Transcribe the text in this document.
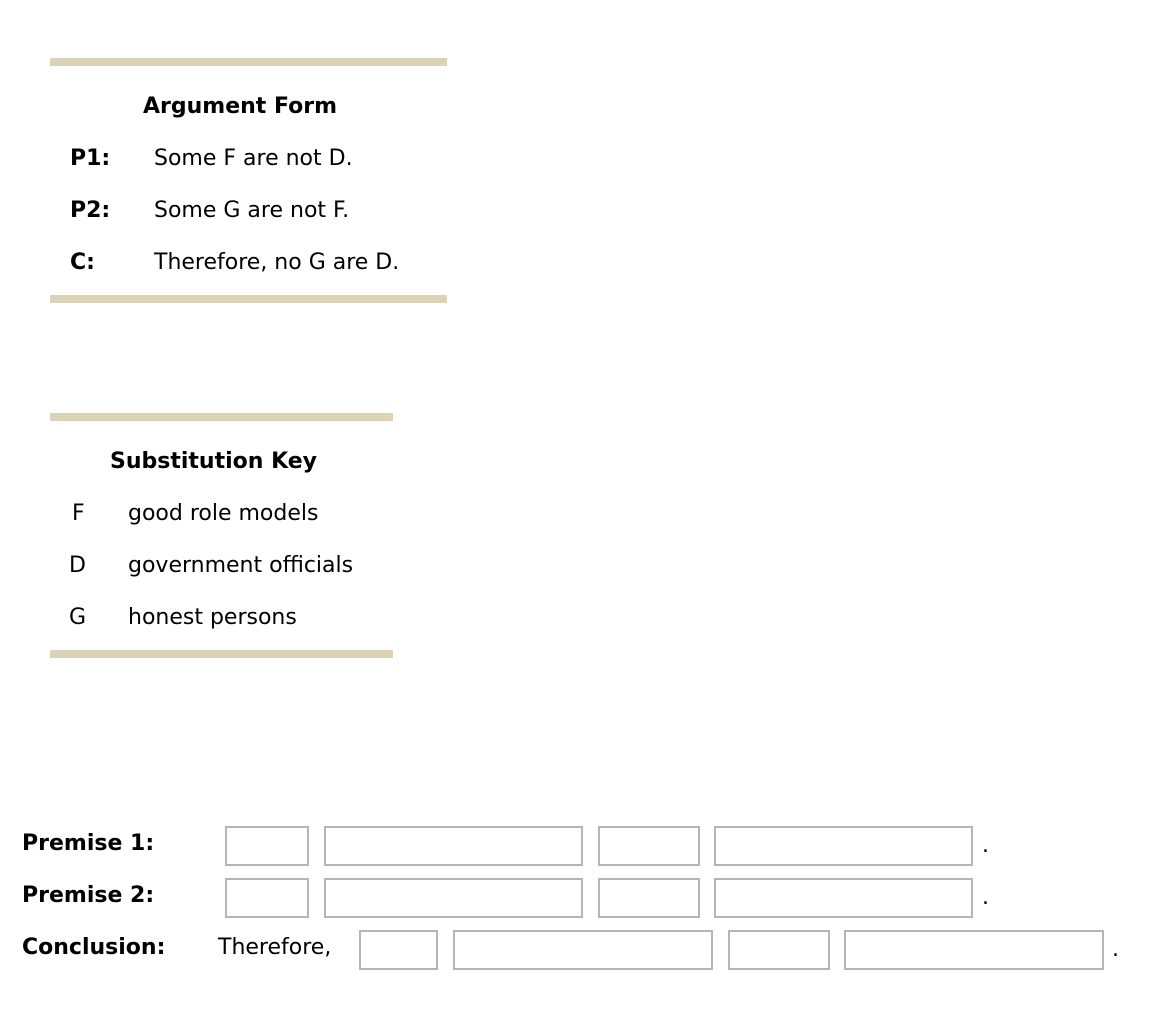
Argument Form
P1: Some F are not D.
P2: Some G are not F.
C:	Therefore, no G are D.
Substitution Key
F good role models
D government officials
G honest persons
Premise 1:	.
Premise 2:	.
Conclusion: Therefore,	.
